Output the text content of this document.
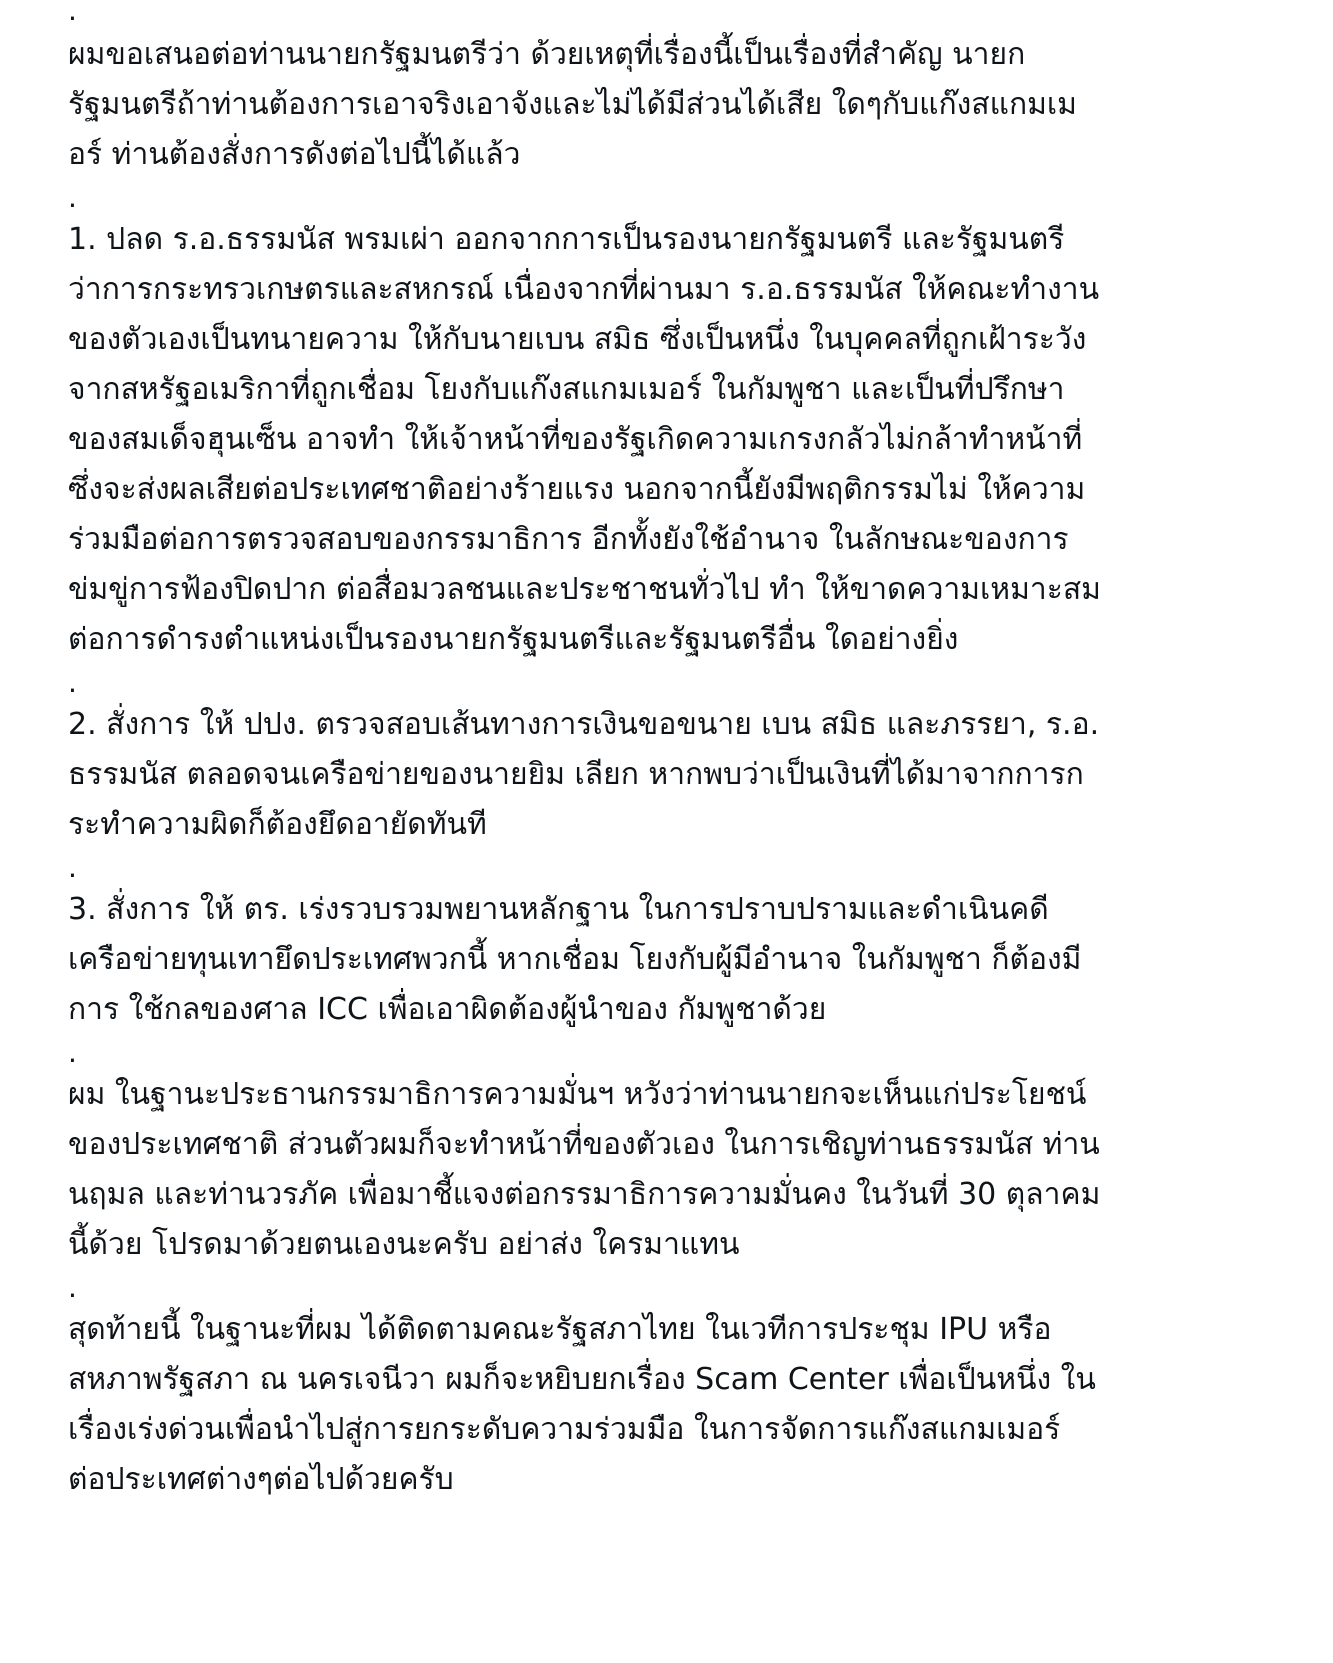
.

ผมขอเสนอต่อท่านนายกรัฐมนตรีว่า ด้วยเหตุที่เรื่องนี้เป็นเรื่องที่สำคัญ นายก
รัฐมนตรีถ้าท่านต้องการเอาจริงเอาจังและไม่ได้มีส่วนได้เสีย ใดๆกับแก๊งสแกมเม
อร์ ท่านต้องสั่งการดังต่อไปนี้ได้แล้ว

.

1. ปลด ร.อ.ธรรมนัส พรมเผ่า ออกจากการเป็นรองนายกรัฐมนตรี และรัฐมนตรี
ว่าการกระทรวเกษตรและสหกรณ์ เนื่องจากที่ผ่านมา ร.อ.ธรรมนัส ให้คณะทำงาน
ของตัวเองเป็นทนายความ ให้กับนายเบน สมิธ ซึ่งเป็นหนึ่ง ในบุคคลที่ถูกเฝ้าระวัง
จากสหรัฐอเมริกาที่ถูกเชื่อม โยงกับแก๊งสแกมเมอร์ ในกัมพูชา และเป็นที่ปรึกษา
ของสมเด็จฮุนเซ็น อาจทำ ให้เจ้าหน้าที่ของรัฐเกิดความเกรงกลัวไม่กล้าทำหน้าที่
ซึ่งจะส่งผลเสียต่อประเทศชาติอย่างร้ายแรง นอกจากนี้ยังมีพฤติกรรมไม่ ให้ความ
ร่วมมือต่อการตรวจสอบของกรรมาธิการ อีกทั้งยังใช้อำนาจ ในลักษณะของการ
ข่มขู่การฟ้องปิดปาก ต่อสื่อมวลชนและประชาชนทั่วไป ทำ ให้ขาดความเหมาะสม
ต่อการดำรงตำแหน่งเป็นรองนายกรัฐมนตรีและรัฐมนตรีอื่น ใดอย่างยิ่ง

.

2. สั่งการ ให้ ปปง. ตรวจสอบเส้นทางการเงินขอขนาย เบน สมิธ และภรรยา, ร.อ.
ธรรมนัส ตลอดจนเครือข่ายของนายยิม เลียก หากพบว่าเป็นเงินที่ได้มาจากการก
ระทำความผิดก็ต้องยึดอายัดทันที

.

3. สั่งการ ให้ ตร. เร่งรวบรวมพยานหลักฐาน ในการปราบปรามและดำเนินคดี
เครือข่ายทุนเทายึดประเทศพวกนี้ หากเชื่อม โยงกับผู้มีอำนาจ ในกัมพูชา ก็ต้องมี
การ ใช้กลของศาล ICC เพื่อเอาผิดต้องผู้นำของ กัมพูชาด้วย

.

ผม ในฐานะประธานกรรมาธิการความมั่นฯ หวังว่าท่านนายกจะเห็นแก่ประโยชน์
ของประเทศชาติ ส่วนตัวผมก็จะทำหน้าที่ของตัวเอง ในการเชิญท่านธรรมนัส ท่าน
นฤมล และท่านวรภัค เพื่อมาชี้แจงต่อกรรมาธิการความมั่นคง ในวันที่ 30 ตุลาคม
นี้ด้วย โปรดมาด้วยตนเองนะครับ อย่าส่ง ใครมาแทน

.

สุดท้ายนี้ ในฐานะที่ผม ได้ติดตามคณะรัฐสภาไทย ในเวทีการประชุม IPU หรือ
สหภาพรัฐสภา ณ นครเจนีวา ผมก็จะหยิบยกเรื่อง Scam Center เพื่อเป็นหนึ่ง ใน
เรื่องเร่งด่วนเพื่อนำไปสู่การยกระดับความร่วมมือ ในการจัดการแก๊งสแกมเมอร์
ต่อประเทศต่างๆต่อไปด้วยครับ
